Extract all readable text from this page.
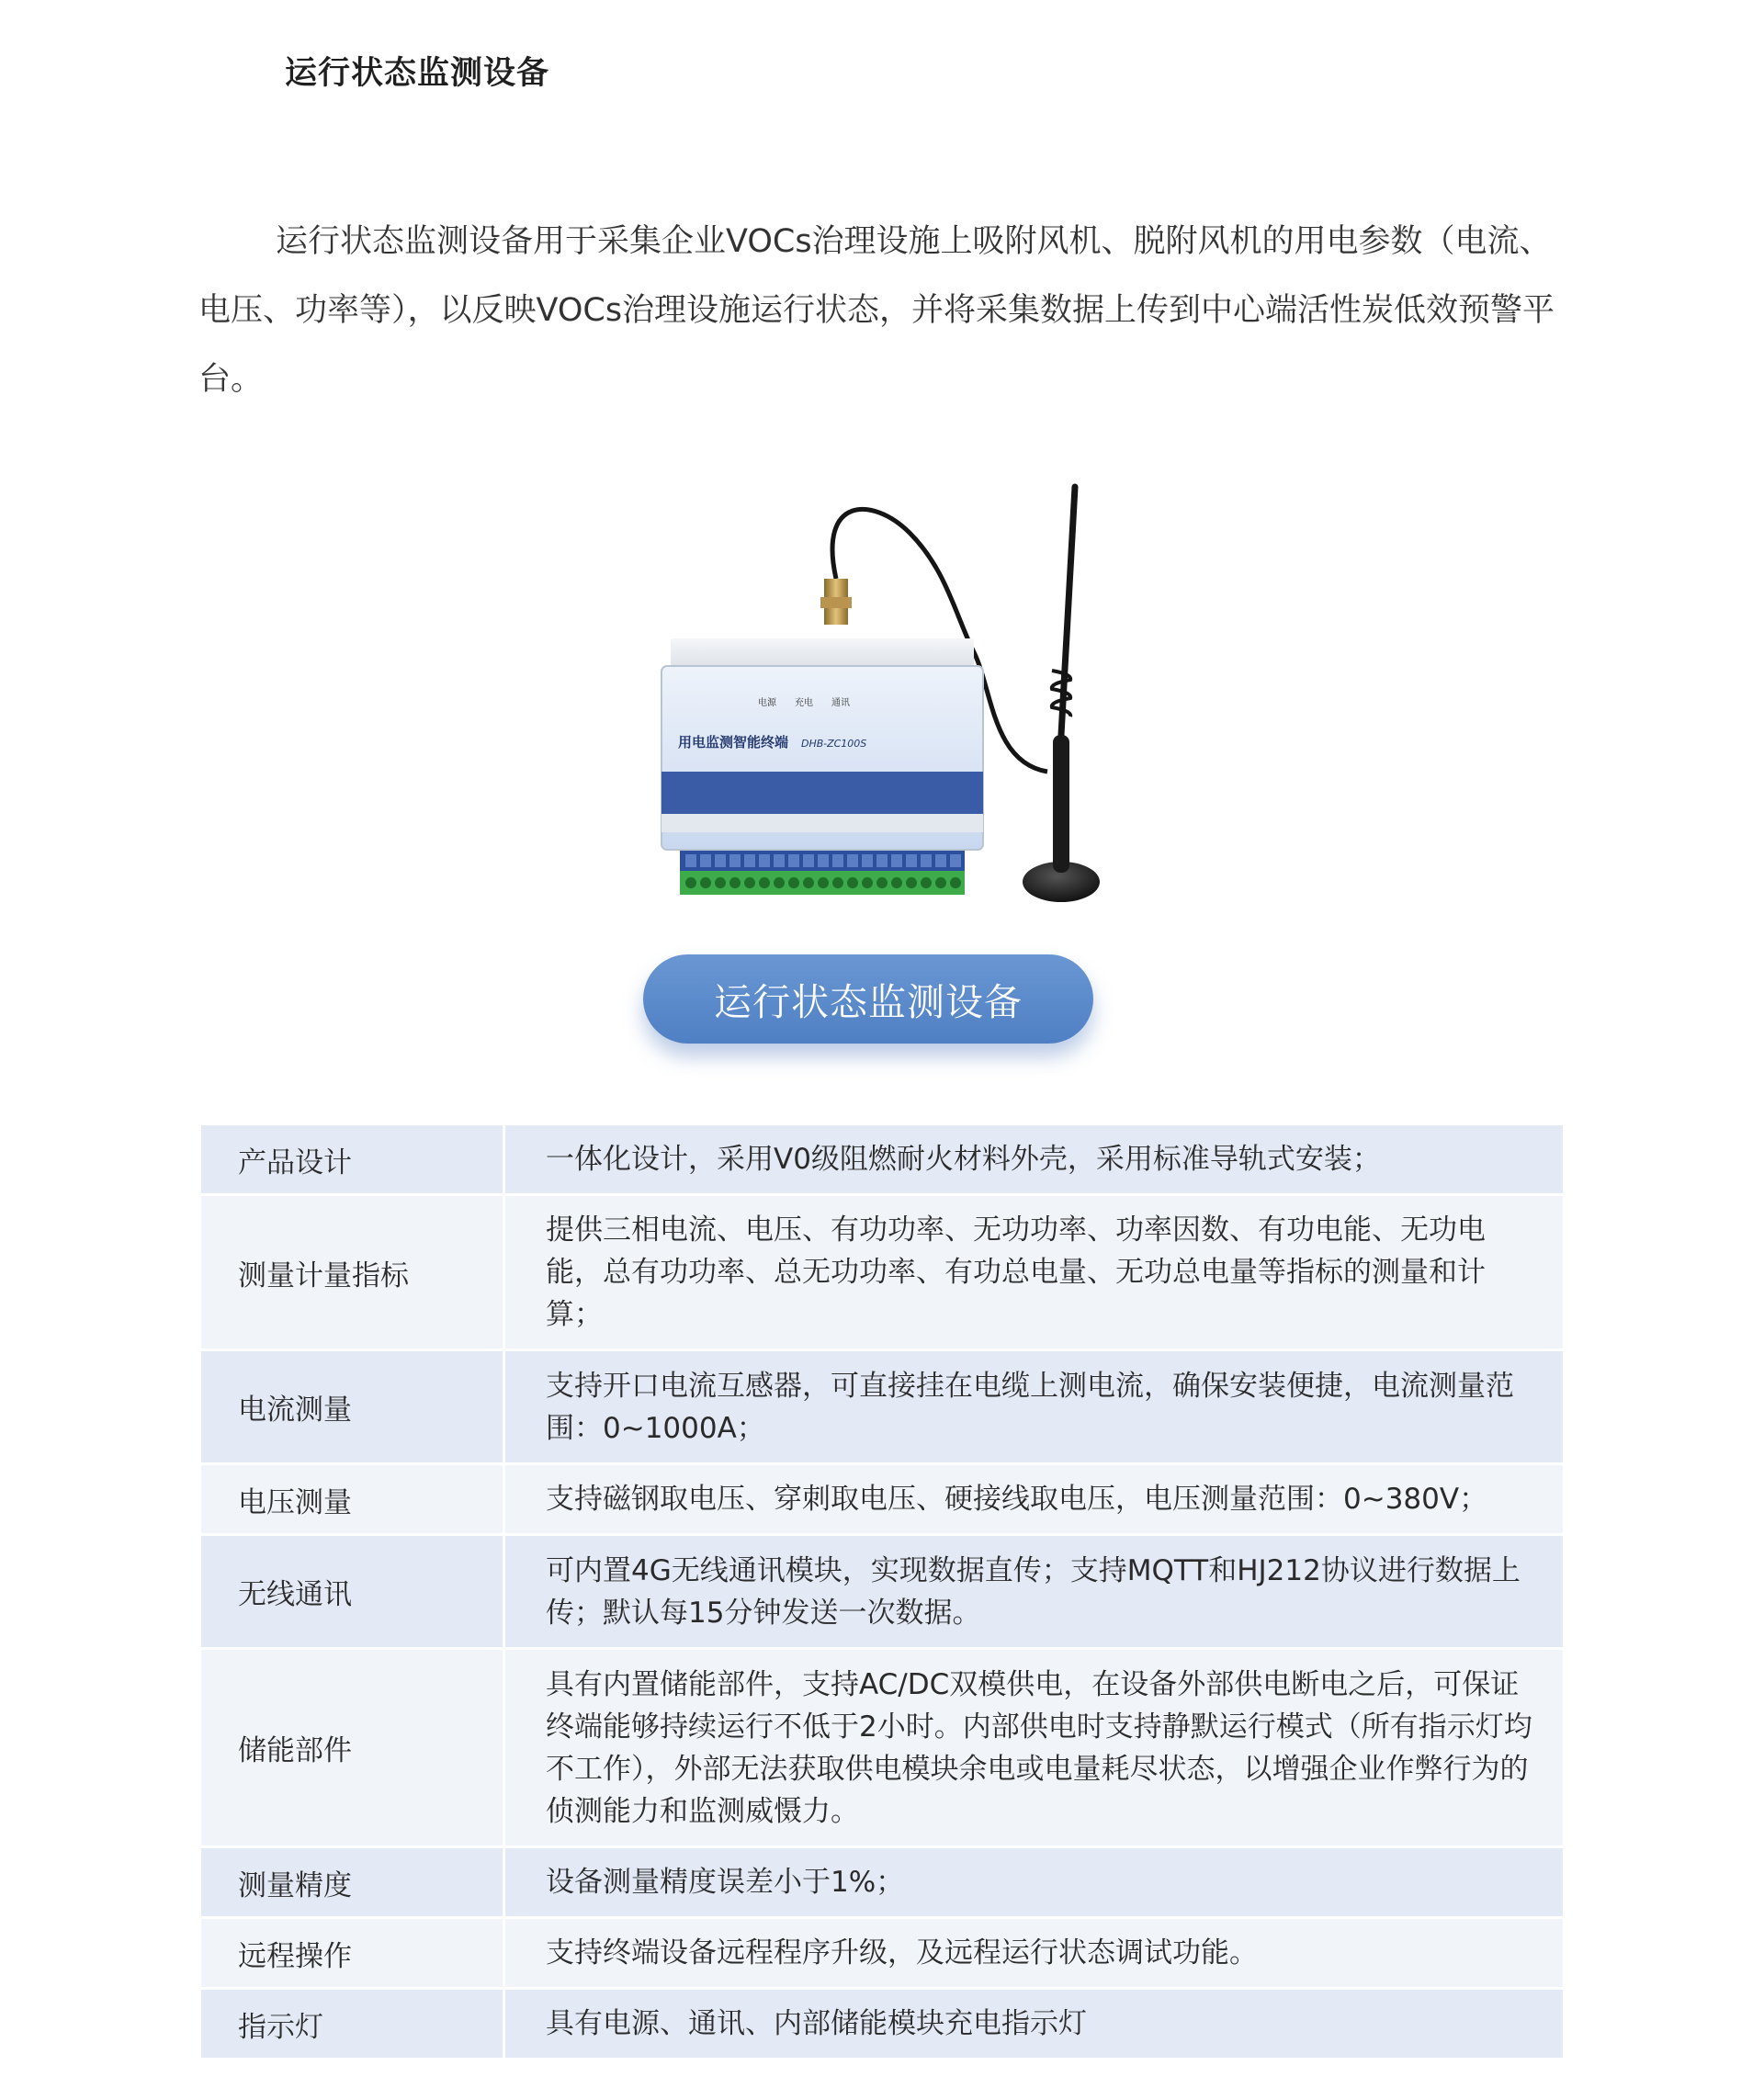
运行状态监测设备

运行状态监测设备用于采集企业VOCs治理设施上吸附风机、脱附风机的用电参数（电流、电压、功率等），以反映VOCs治理设施运行状态，并将采集数据上传到中心端活性炭低效预警平台。

电源 充电 通讯
用电监测智能终端 DHB-ZC100S
运行状态监测设备
产品设计	一体化设计，采用V0级阻燃耐火材料外壳，采用标准导轨式安装；
测量计量指标	提供三相电流、电压、有功功率、无功功率、功率因数、有功电能、无功电能，总有功功率、总无功功率、有功总电量、无功总电量等指标的测量和计算；
电流测量	支持开口电流互感器，可直接挂在电缆上测电流，确保安装便捷，电流测量范围：0~1000A；
电压测量	支持磁钢取电压、穿刺取电压、硬接线取电压，电压测量范围：0~380V；
无线通讯	可内置4G无线通讯模块，实现数据直传；支持MQTT和HJ212协议进行数据上传；默认每15分钟发送一次数据。
储能部件	具有内置储能部件，支持AC/DC双模供电，在设备外部供电断电之后，可保证终端能够持续运行不低于2小时。内部供电时支持静默运行模式（所有指示灯均不工作），外部无法获取供电模块余电或电量耗尽状态，以增强企业作弊行为的侦测能力和监测威慑力。
测量精度	设备测量精度误差小于1%；
远程操作	支持终端设备远程程序升级，及远程运行状态调试功能。
指示灯	具有电源、通讯、内部储能模块充电指示灯
